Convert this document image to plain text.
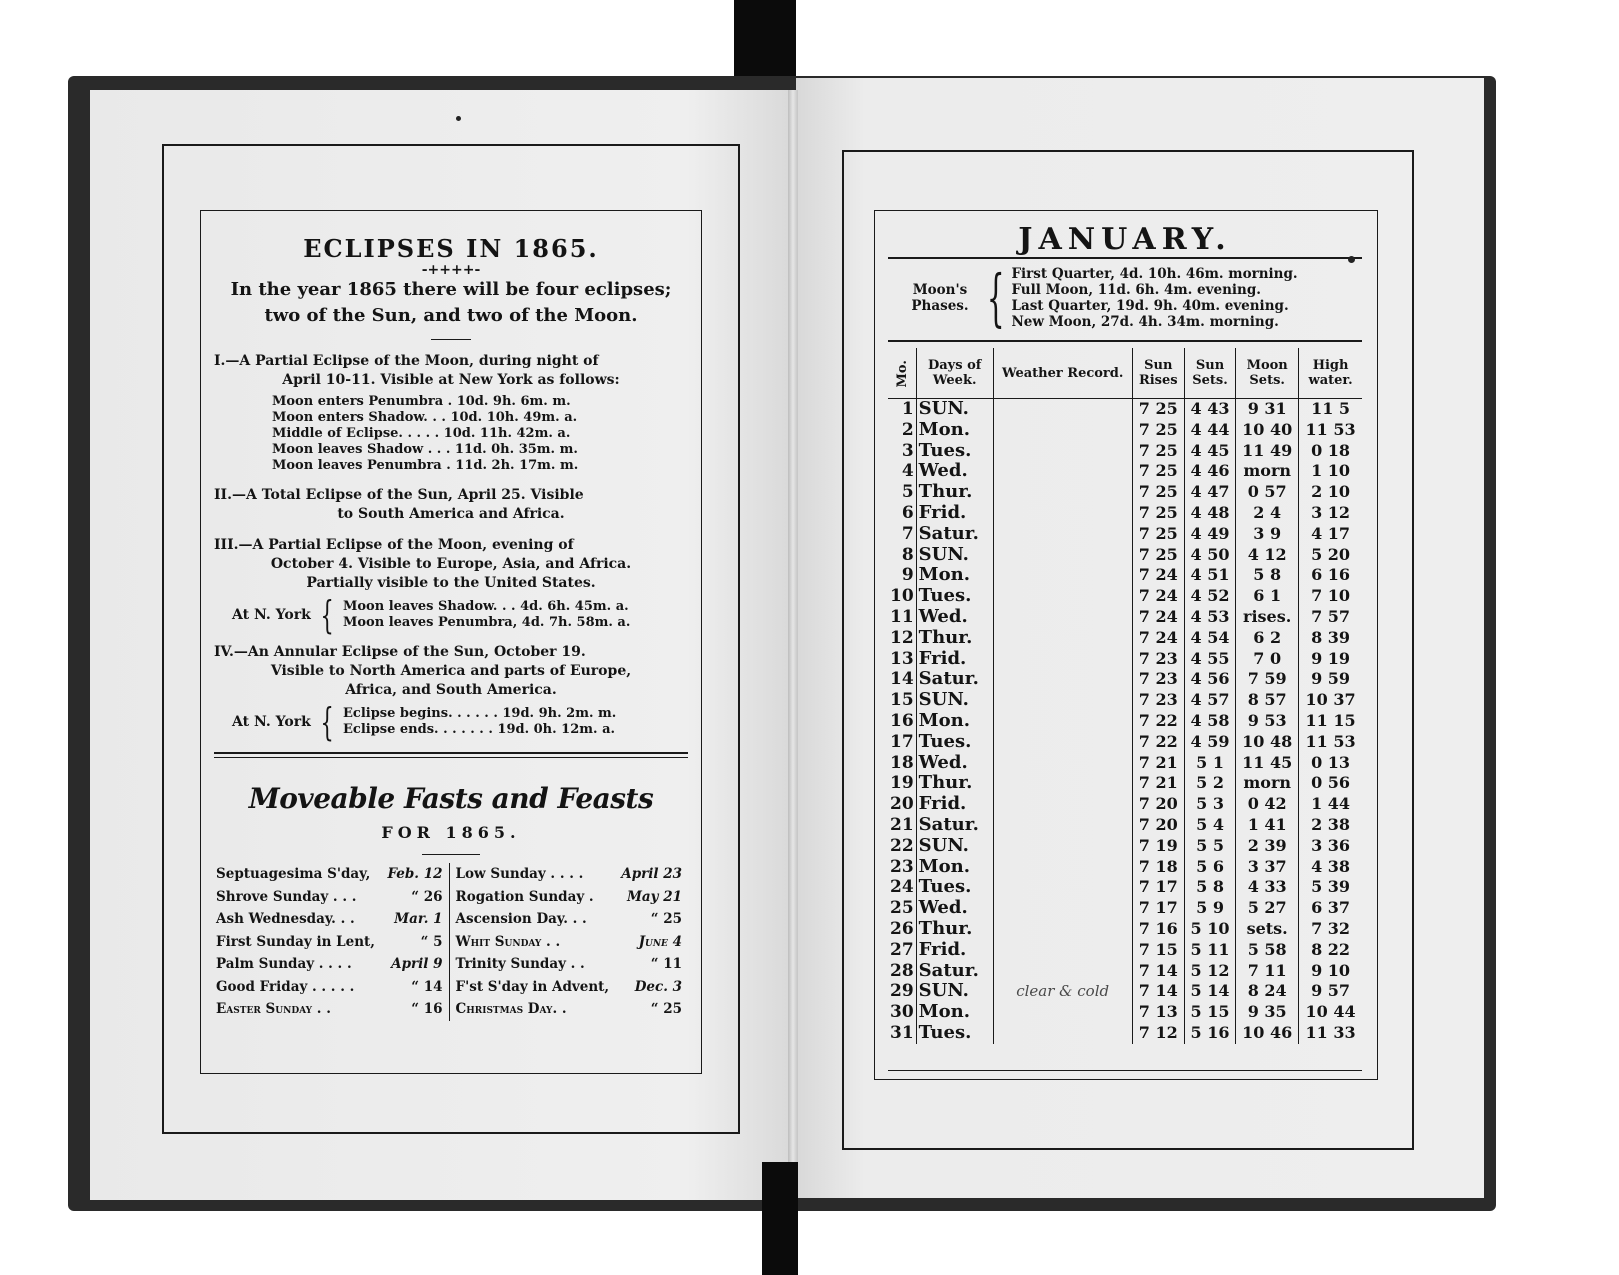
ECLIPSES IN 1865.
-++++-
In the year 1865 there will be four eclipses;
two of the Sun, and two of the Moon.
I.—A Partial Eclipse of the Moon, during night of
April 10-11. Visible at New York as follows:
Moon enters Penumbra . 10d. 9h. 6m. m.
Moon enters Shadow. . . 10d. 10h. 49m. a.
Middle of Eclipse. . . . . 10d. 11h. 42m. a.
Moon leaves Shadow . . . 11d. 0h. 35m. m.
Moon leaves Penumbra . 11d. 2h. 17m. m.
II.—A Total Eclipse of the Sun, April 25. Visible
to South America and Africa.
III.—A Partial Eclipse of the Moon, evening of
October 4. Visible to Europe, Asia, and Africa.
Partially visible to the United States.
At N. York { Moon leaves Shadow. . . 4d. 6h. 45m. a.
Moon leaves Penumbra, 4d. 7h. 58m. a.
IV.—An Annular Eclipse of the Sun, October 19.
Visible to North America and parts of Europe,
Africa, and South America.
At N. York { Eclipse begins. . . . . . 19d. 9h. 2m. m.
Eclipse ends. . . . . . . 19d. 0h. 12m. a.
Moveable Fasts and Feasts
FOR 1865.
Septuagesima S'day, Feb. 12
Shrove Sunday . . .	“ 26
Ash Wednesday. . .	Mar. 1
First Sunday in Lent,	“ 5
Palm Sunday . . . .	April 9
Good Friday . . . . .	“ 14
Easter Sunday . .	“ 16
Low Sunday . . . .	April 23
Rogation Sunday . May 21
Ascension Day. . .	“ 25
Whit Sunday . .	June 4
Trinity Sunday . .	“ 11
F'st S'day in Advent, Dec. 3
Christmas Day. .	“ 25
JANUARY.
Moon's Phases. { First Quarter, 4d. 10h. 46m. morning.
Full Moon, 11d. 6h. 4m. evening.
Last Quarter, 19d. 9h. 40m. evening.
New Moon, 27d. 4h. 34m. morning.
Mo.	Days of Week.	Weather Record.	Sun Rises	Sun Sets.	Moon Sets.	High water.
1	SUN.		7 25	4 43	9 31	11 5
2	Mon.		7 25	4 44	10 40	11 53
3	Tues.		7 25	4 45	11 49	0 18
4	Wed.		7 25	4 46	morn	1 10
5	Thur.		7 25	4 47	0 57	2 10
6	Frid.		7 25	4 48	2 4	3 12
7	Satur.		7 25	4 49	3 9	4 17
8	SUN.		7 25	4 50	4 12	5 20
9	Mon.		7 24	4 51	5 8	6 16
10	Tues.		7 24	4 52	6 1	7 10
11	Wed.		7 24	4 53	rises.	7 57
12	Thur.		7 24	4 54	6 2	8 39
13	Frid.		7 23	4 55	7 0	9 19
14	Satur.		7 23	4 56	7 59	9 59
15	SUN.		7 23	4 57	8 57	10 37
16	Mon.		7 22	4 58	9 53	11 15
17	Tues.		7 22	4 59	10 48	11 53
18	Wed.		7 21	5 1	11 45	0 13
19	Thur.		7 21	5 2	morn	0 56
20	Frid.		7 20	5 3	0 42	1 44
21	Satur.		7 20	5 4	1 41	2 38
22	SUN.		7 19	5 5	2 39	3 36
23	Mon.		7 18	5 6	3 37	4 38
24	Tues.		7 17	5 8	4 33	5 39
25	Wed.		7 17	5 9	5 27	6 37
26	Thur.		7 16	5 10	sets.	7 32
27	Frid.		7 15	5 11	5 58	8 22
28	Satur.		7 14	5 12	7 11	9 10
29	SUN.	clear & cold	7 14	5 14	8 24	9 57
30	Mon.		7 13	5 15	9 35	10 44
31	Tues.		7 12	5 16	10 46	11 33
